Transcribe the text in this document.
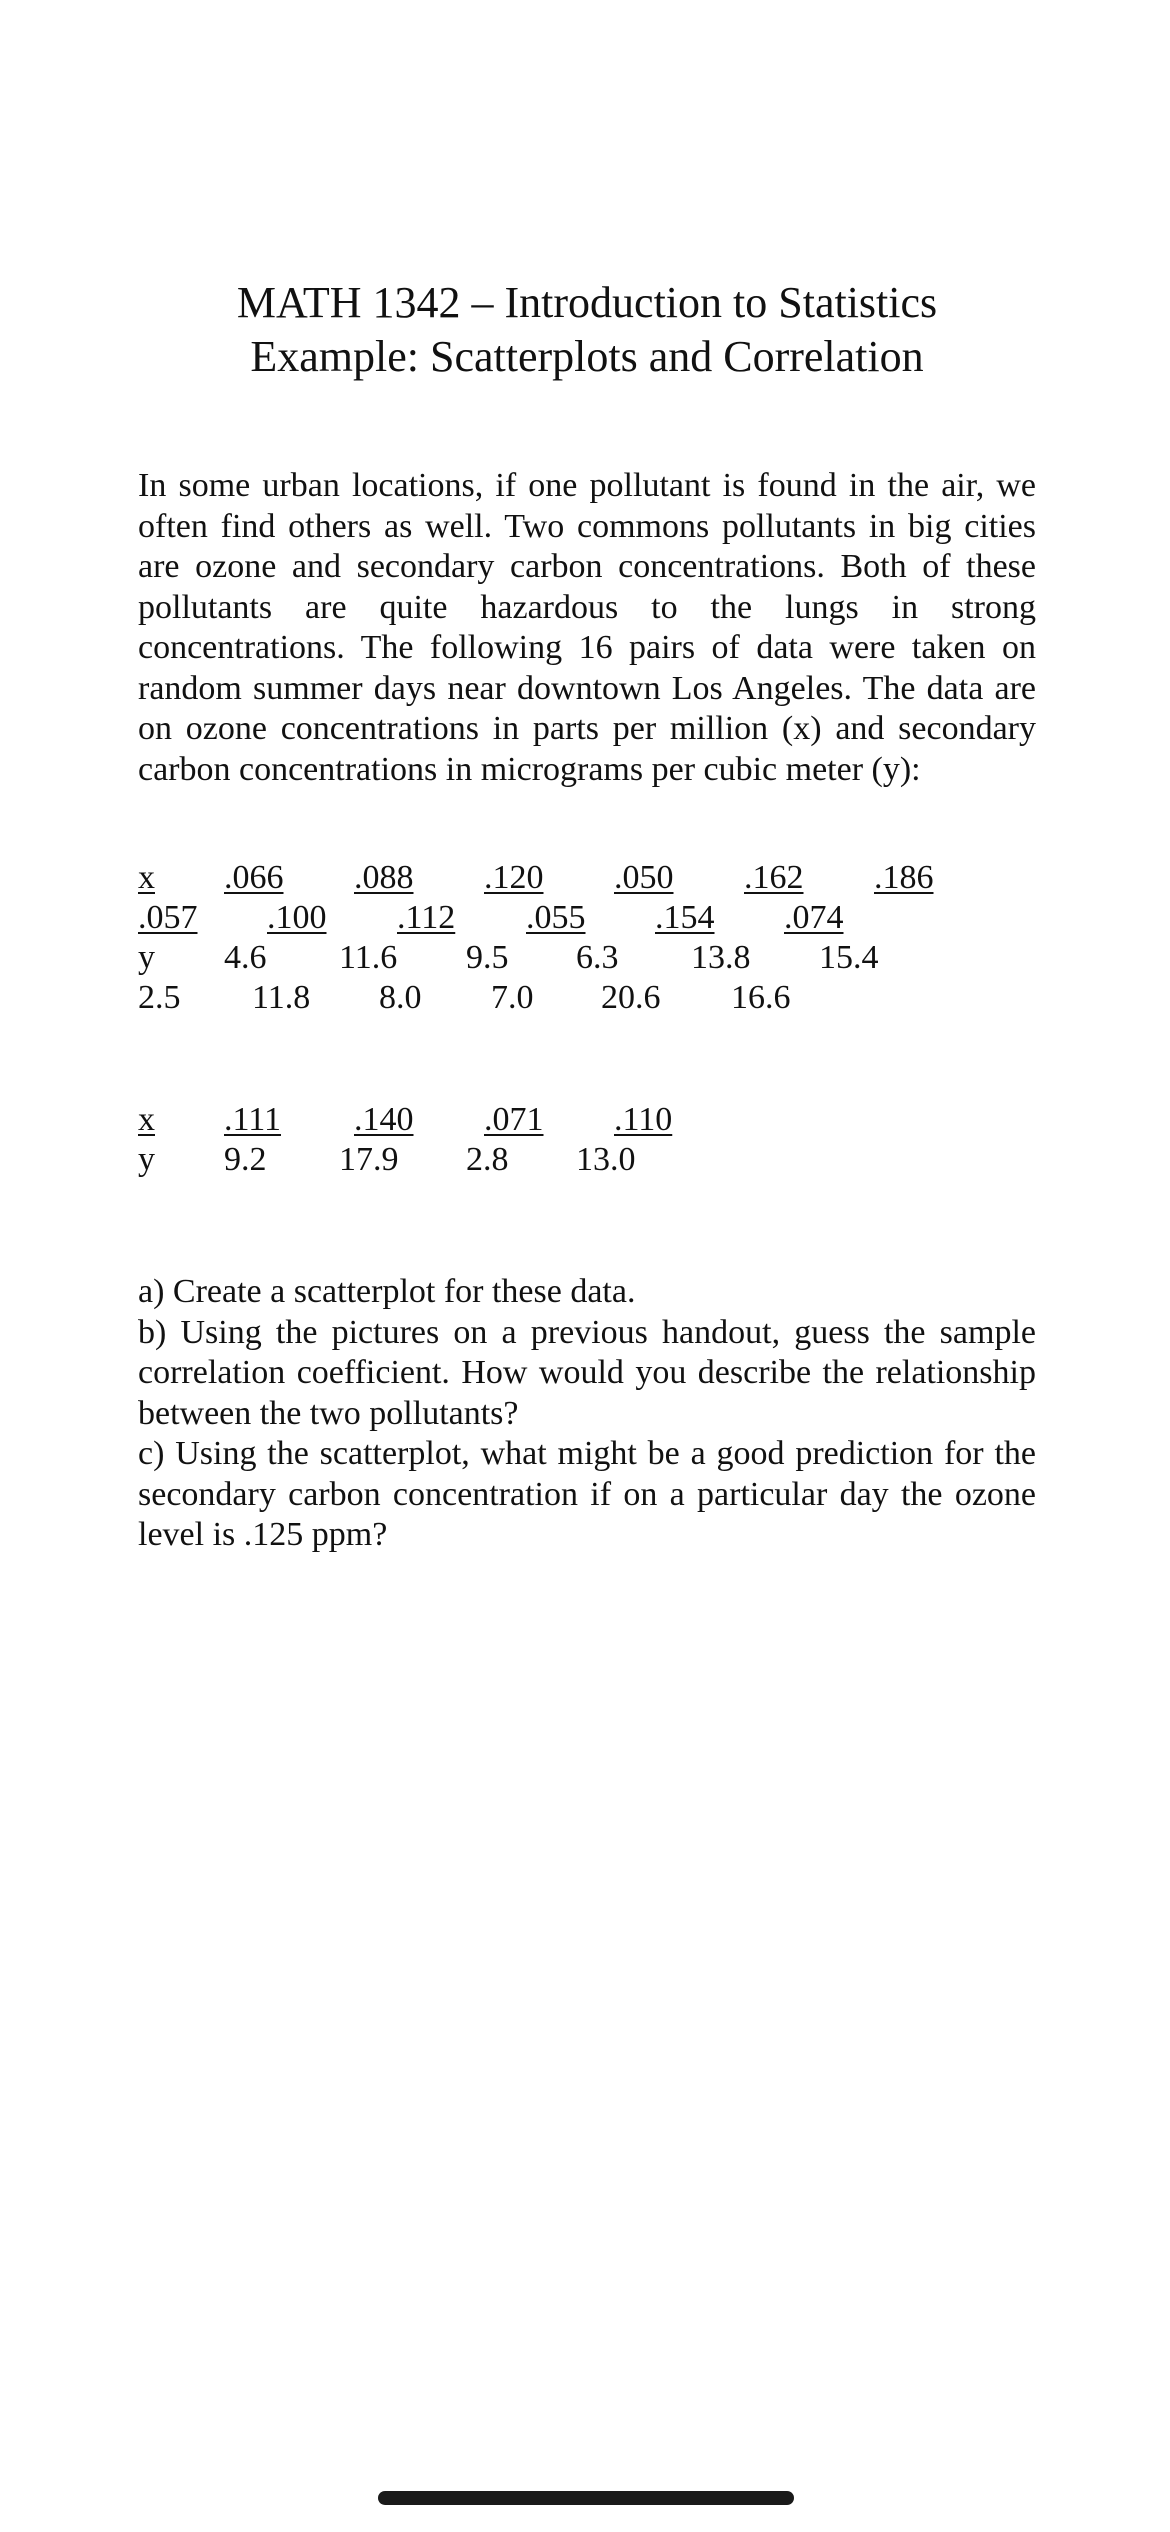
MATH 1342 – Introduction to Statistics
Example: Scatterplots and Correlation

In some urban locations, if one pollutant is found in the air, we often find others as well. Two commons pollutants in big cities are ozone and secondary carbon concentrations. Both of these pollutants are quite hazardous to the lungs in strong concentrations. The following 16 pairs of data were taken on random summer days near downtown Los Angeles. The data are on ozone concentrations in parts per million (x) and secondary carbon concentrations in micrograms per cubic meter (y):

x .066 .088 .120 .050 .162 .186
.057 .100 .112 .055 .154 .074
y 4.6 11.6 9.5 6.3 13.8 15.4
2.5 11.8 8.0 7.0 20.6 16.6
x .111 .140 .071 .110
y 9.2 17.9 2.8 13.0

a) Create a scatterplot for these data.

b) Using the pictures on a previous handout, guess the sample correlation coefficient. How would you describe the relationship between the two pollutants?

c) Using the scatterplot, what might be a good prediction for the secondary carbon concentration if on a particular day the ozone level is .125 ppm?
